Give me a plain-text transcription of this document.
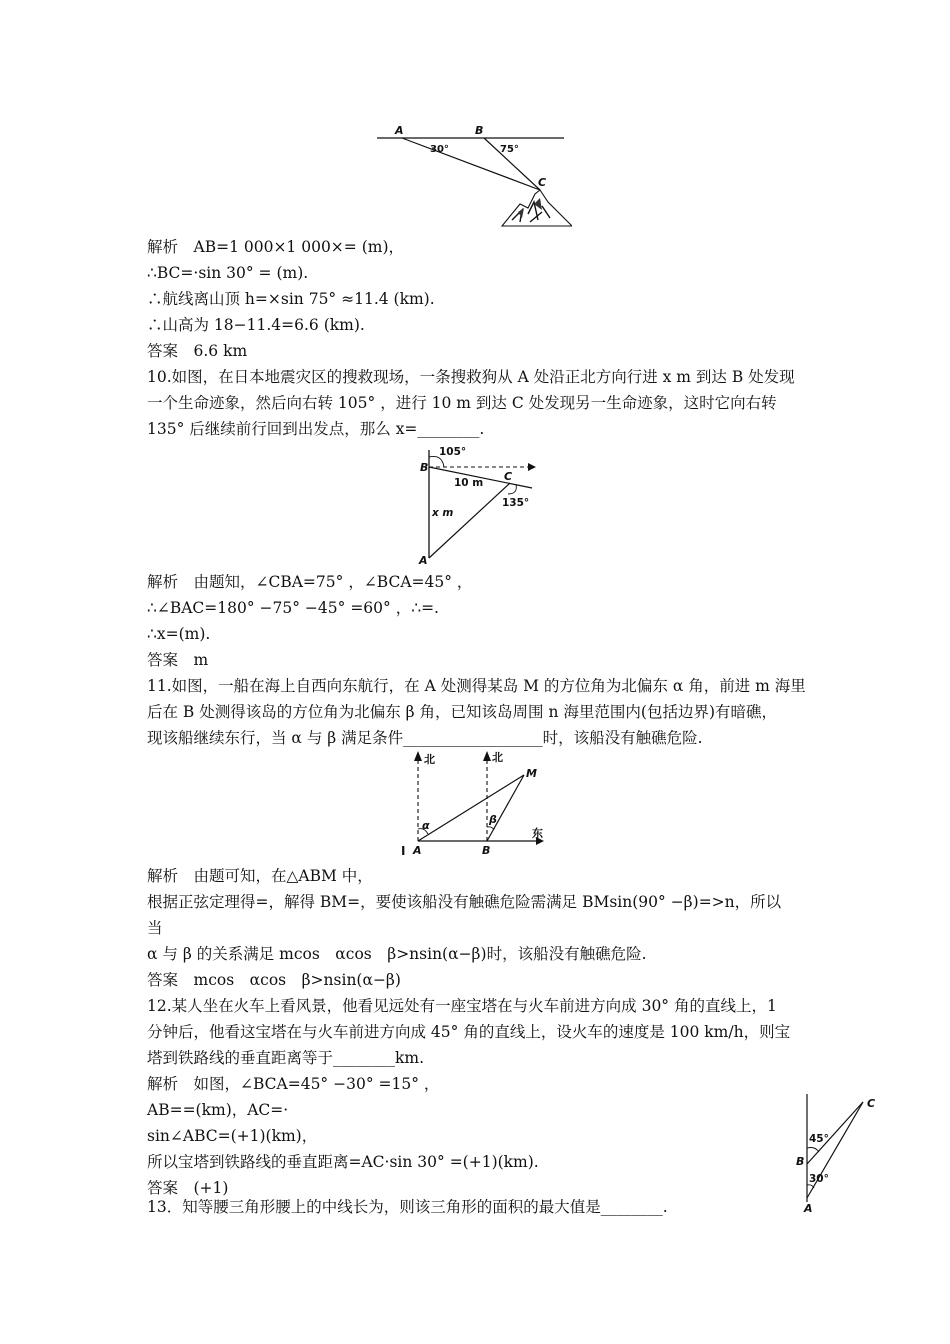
A	B
C
30°	75°
解析　AB=1 000×1 000×= (m)，
∴BC=·sin 30° = (m).
∴航线离山顶 h=×sin 75° ≈11.4 (km).
∴山高为 18−11.4=6.6 (km).
答案　6.6 km
10.如图，在日本地震灾区的搜救现场，一条搜救狗从 A 处沿正北方向行进 x m 到达 B 处发现
一个生命迹象，然后向右转 105° ，进行 10 m 到达 C 处发现另一生命迹象，这时它向右转
135° 后继续前行回到出发点，那么 x=________.
105°
B
C
10 m
135°
x m
A
解析　由题知，∠CBA=75° ，∠BCA=45° ，
∴∠BAC=180° −75° −45° =60° ，∴=.
∴x=(m).
答案　m
11.如图，一船在海上自西向东航行，在 A 处测得某岛 M 的方位角为北偏东 α 角，前进 m 海里
后在 B 处测得该岛的方位角为北偏东 β 角，已知该岛周围 n 海里范围内(包括边界)有暗礁，
现该船继续东行，当 α 与 β 满足条件__________________时，该船没有触礁危险.
北	北
M
α	β
东
A	B
I
解析　由题可知，在△ABM 中，
根据正弦定理得=，解得 BM=，要使该船没有触礁危险需满足 BMsin(90° −β)=>n，所以
当
α 与 β 的关系满足 mcos　αcos　β>nsin(α−β)时，该船没有触礁危险.
答案　mcos　αcos　β>nsin(α−β)
12.某人坐在火车上看风景，他看见远处有一座宝塔在与火车前进方向成 30° 角的直线上，1
分钟后，他看这宝塔在与火车前进方向成 45° 角的直线上，设火车的速度是 100 km/h，则宝
塔到铁路线的垂直距离等于________km.
解析　如图，∠BCA=45° −30° =15° ，
AB==(km)，AC=·
sin∠ABC=(+1)(km)，
所以宝塔到铁路线的垂直距离=AC·sin 30° =(+1)(km).
答案　(+1)
C
45°
B
30°
A
13．知等腰三角形腰上的中线长为，则该三角形的面积的最大值是________.
